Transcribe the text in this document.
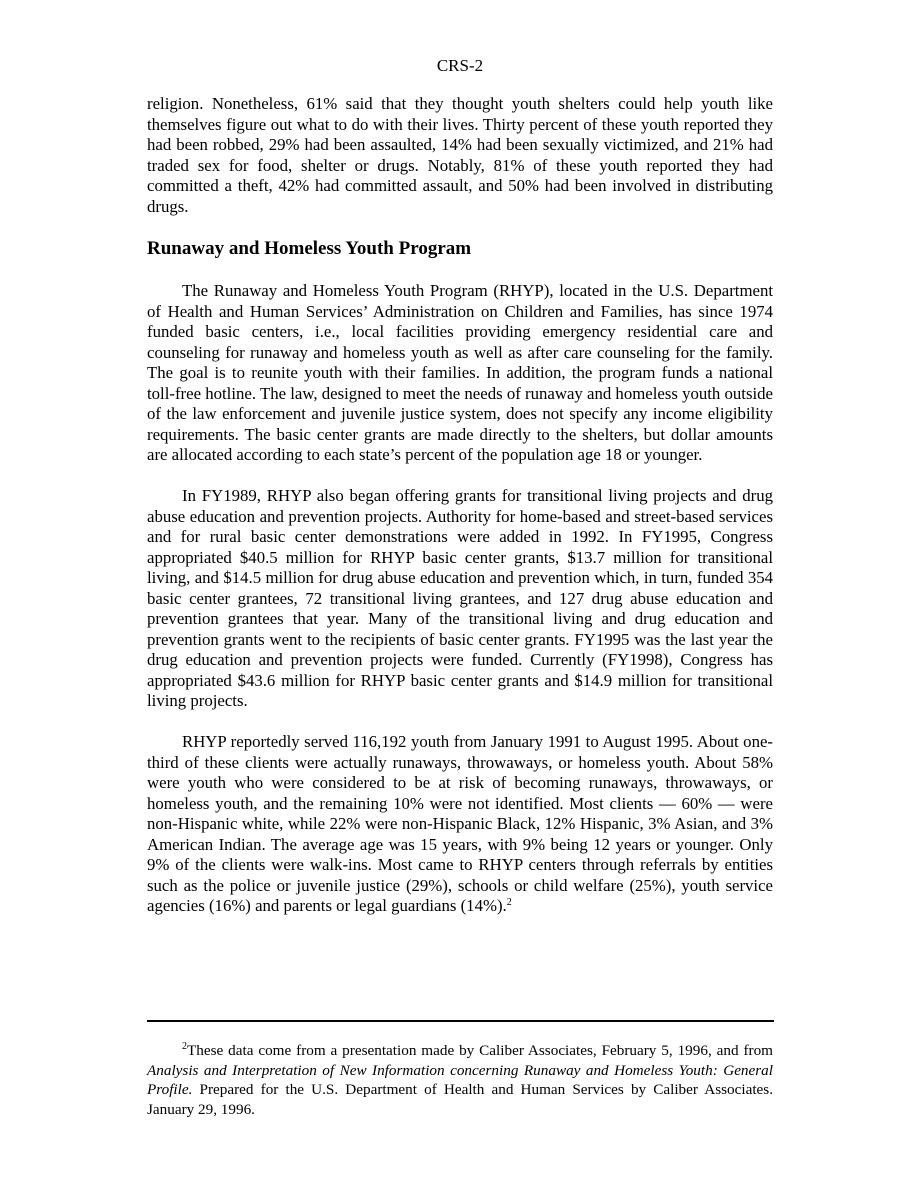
CRS-2

religion. Nonetheless, 61% said that they thought youth shelters could help youth like themselves figure out what to do with their lives. Thirty percent of these youth reported they had been robbed, 29% had been assaulted, 14% had been sexually victimized, and 21% had traded sex for food, shelter or drugs. Notably, 81% of these youth reported they had committed a theft, 42% had committed assault, and 50% had been involved in distributing drugs.

Runaway and Homeless Youth Program

The Runaway and Homeless Youth Program (RHYP), located in the U.S. Department of Health and Human Services’ Administration on Children and Families, has since 1974 funded basic centers, i.e., local facilities providing emergency residential care and counseling for runaway and homeless youth as well as after care counseling for the family. The goal is to reunite youth with their families. In addition, the program funds a national toll-free hotline. The law, designed to meet the needs of runaway and homeless youth outside of the law enforcement and juvenile justice system, does not specify any income eligibility requirements. The basic center grants are made directly to the shelters, but dollar amounts are allocated according to each state’s percent of the population age 18 or younger.

In FY1989, RHYP also began offering grants for transitional living projects and drug abuse education and prevention projects. Authority for home-based and street-based services and for rural basic center demonstrations were added in 1992. In FY1995, Congress appropriated $40.5 million for RHYP basic center grants, $13.7 million for transitional living, and $14.5 million for drug abuse education and prevention which, in turn, funded 354 basic center grantees, 72 transitional living grantees, and 127 drug abuse education and prevention grantees that year. Many of the transitional living and drug education and prevention grants went to the recipients of basic center grants. FY1995 was the last year the drug education and prevention projects were funded. Currently (FY1998), Congress has appropriated $43.6 million for RHYP basic center grants and $14.9 million for transitional living projects.

RHYP reportedly served 116,192 youth from January 1991 to August 1995. About one-third of these clients were actually runaways, throwaways, or homeless youth. About 58% were youth who were considered to be at risk of becoming runaways, throwaways, or homeless youth, and the remaining 10% were not identified. Most clients — 60% — were non-Hispanic white, while 22% were non-Hispanic Black, 12% Hispanic, 3% Asian, and 3% American Indian. The average age was 15 years, with 9% being 12 years or younger. Only 9% of the clients were walk-ins. Most came to RHYP centers through referrals by entities such as the police or juvenile justice (29%), schools or child welfare (25%), youth service agencies (16%) and parents or legal guardians (14%).$^2$

$^2$These data come from a presentation made by Caliber Associates, February 5, 1996, and from Analysis and Interpretation of New Information concerning Runaway and Homeless Youth: General Profile. Prepared for the U.S. Department of Health and Human Services by Caliber Associates. January 29, 1996.
